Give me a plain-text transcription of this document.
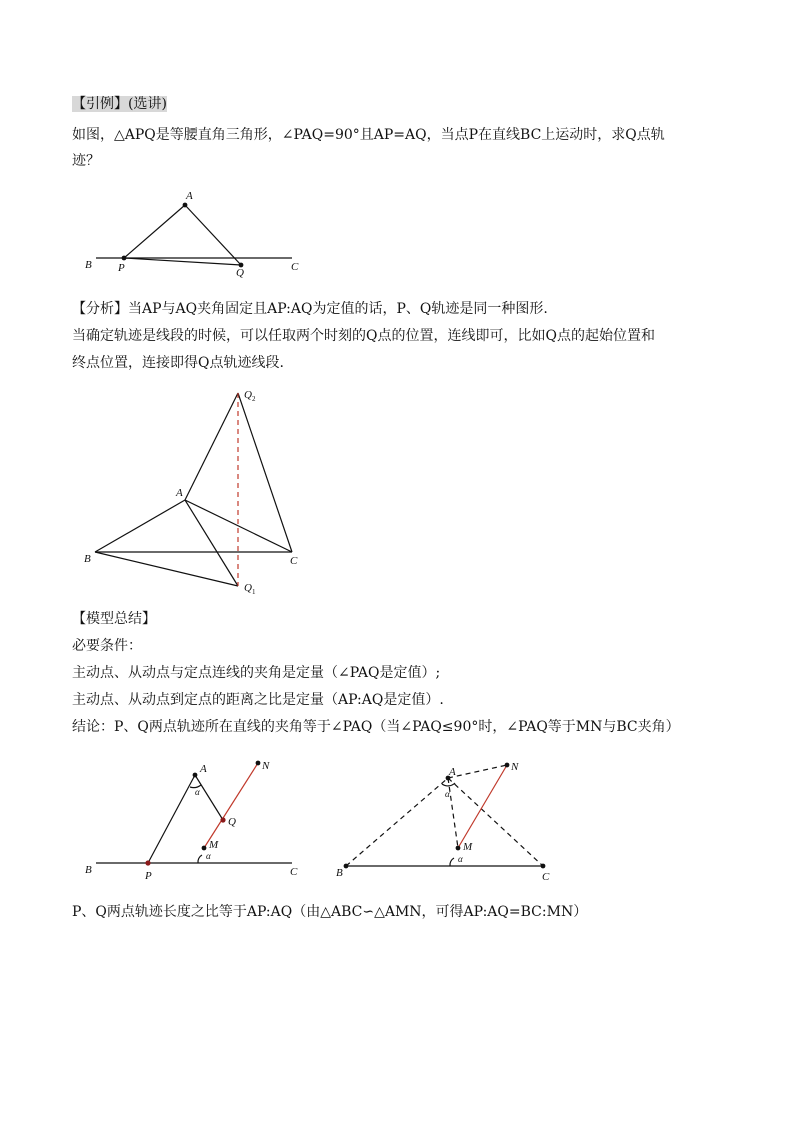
【引例】(选讲)
如图，△APQ是等腰直角三角形，∠PAQ=90°且AP=AQ，当点P在直线BC上运动时，求Q点轨
迹？
【分析】当AP与AQ夹角固定且AP:AQ为定值的话，P、Q轨迹是同一种图形.
当确定轨迹是线段的时候，可以任取两个时刻的Q点的位置，连线即可，比如Q点的起始位置和
终点位置，连接即得Q点轨迹线段.
【模型总结】
必要条件：
主动点、从动点与定点连线的夹角是定量（∠PAQ是定值）;
主动点、从动点到定点的距离之比是定量（AP:AQ是定值）.
结论：P、Q两点轨迹所在直线的夹角等于∠PAQ（当∠PAQ≤90°时，∠PAQ等于MN与BC夹角）
P、Q两点轨迹长度之比等于AP:AQ（由△ABC∽△AMN，可得AP:AQ=BC:MN）
A
B P	Q	C
$Q_2$
A
B	C
$Q_1$
A	N
α
Q
M
α
B	P	C
A	N
α
M
α
B	C
